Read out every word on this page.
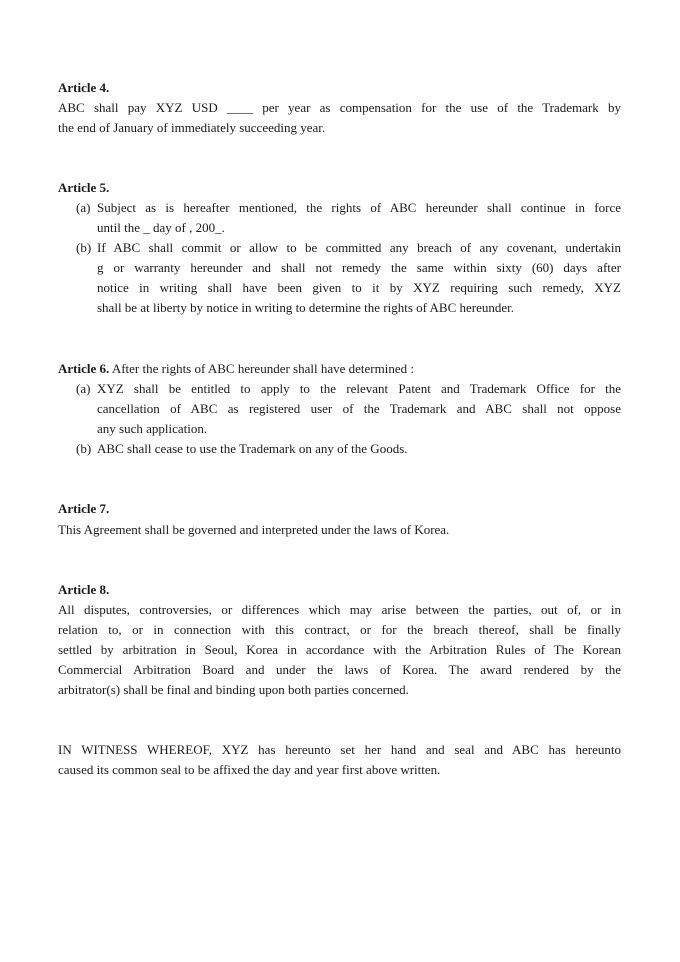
Article 4.
ABC shall pay XYZ USD ____ per year as compensation for the use of the Trademark by
the end of January of immediately succeeding year.
Article 5.
(a) Subject as is hereafter mentioned, the rights of ABC hereunder shall continue in force
until the _ day of , 200_.
(b) If ABC shall commit or allow to be committed any breach of any covenant, undertakin
g or warranty hereunder and shall not remedy the same within sixty (60) days after
notice in writing shall have been given to it by XYZ requiring such remedy, XYZ
shall be at liberty by notice in writing to determine the rights of ABC hereunder.
Article 6. After the rights of ABC hereunder shall have determined :
(a) XYZ shall be entitled to apply to the relevant Patent and Trademark Office for the
cancellation of ABC as registered user of the Trademark and ABC shall not oppose
any such application.
(b) ABC shall cease to use the Trademark on any of the Goods.
Article 7.
This Agreement shall be governed and interpreted under the laws of Korea.
Article 8.
All disputes, controversies, or differences which may arise between the parties, out of, or in
relation to, or in connection with this contract, or for the breach thereof, shall be finally
settled by arbitration in Seoul, Korea in accordance with the Arbitration Rules of The Korean
Commercial Arbitration Board and under the laws of Korea. The award rendered by the
arbitrator(s) shall be final and binding upon both parties concerned.
IN WITNESS WHEREOF, XYZ has hereunto set her hand and seal and ABC has hereunto
caused its common seal to be affixed the day and year first above written.
